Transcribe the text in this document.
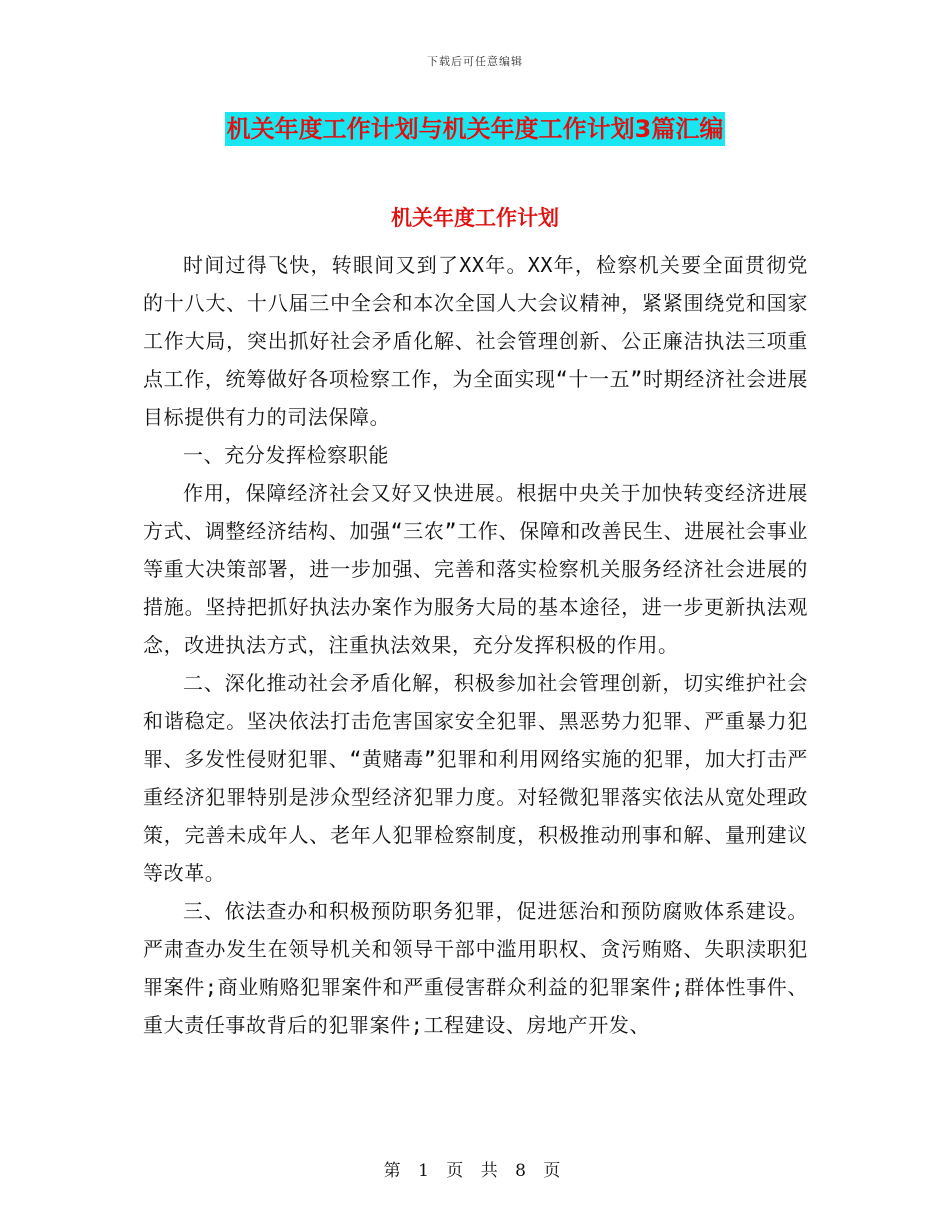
下载后可任意编辑
机关年度工作计划与机关年度工作计划3篇汇编
机关年度工作计划

时间过得飞快，转眼间又到了XX年。XX年，检察机关要全面贯彻党的十八大、十八届三中全会和本次全国人大会议精神，紧紧围绕党和国家工作大局，突出抓好社会矛盾化解、社会管理创新、公正廉洁执法三项重点工作，统筹做好各项检察工作，为全面实现“十一五”时期经济社会进展目标提供有力的司法保障。

一、充分发挥检察职能

作用，保障经济社会又好又快进展。根据中央关于加快转变经济进展方式、调整经济结构、加强“三农”工作、保障和改善民生、进展社会事业等重大决策部署，进一步加强、完善和落实检察机关服务经济社会进展的措施。坚持把抓好执法办案作为服务大局的基本途径，进一步更新执法观念，改进执法方式，注重执法效果，充分发挥积极的作用。

二、深化推动社会矛盾化解，积极参加社会管理创新，切实维护社会和谐稳定。坚决依法打击危害国家安全犯罪、黑恶势力犯罪、严重暴力犯罪、多发性侵财犯罪、“黄赌毒”犯罪和利用网络实施的犯罪，加大打击严重经济犯罪特别是涉众型经济犯罪力度。对轻微犯罪落实依法从宽处理政策，完善未成年人、老年人犯罪检察制度，积极推动刑事和解、量刑建议等改革。

三、依法查办和积极预防职务犯罪，促进惩治和预防腐败体系建设。严肃查办发生在领导机关和领导干部中滥用职权、贪污贿赂、失职渎职犯罪案件;商业贿赂犯罪案件和严重侵害群众利益的犯罪案件;群体性事件、重大责任事故背后的犯罪案件;工程建设、房地产开发、

第 1 页 共 8 页
